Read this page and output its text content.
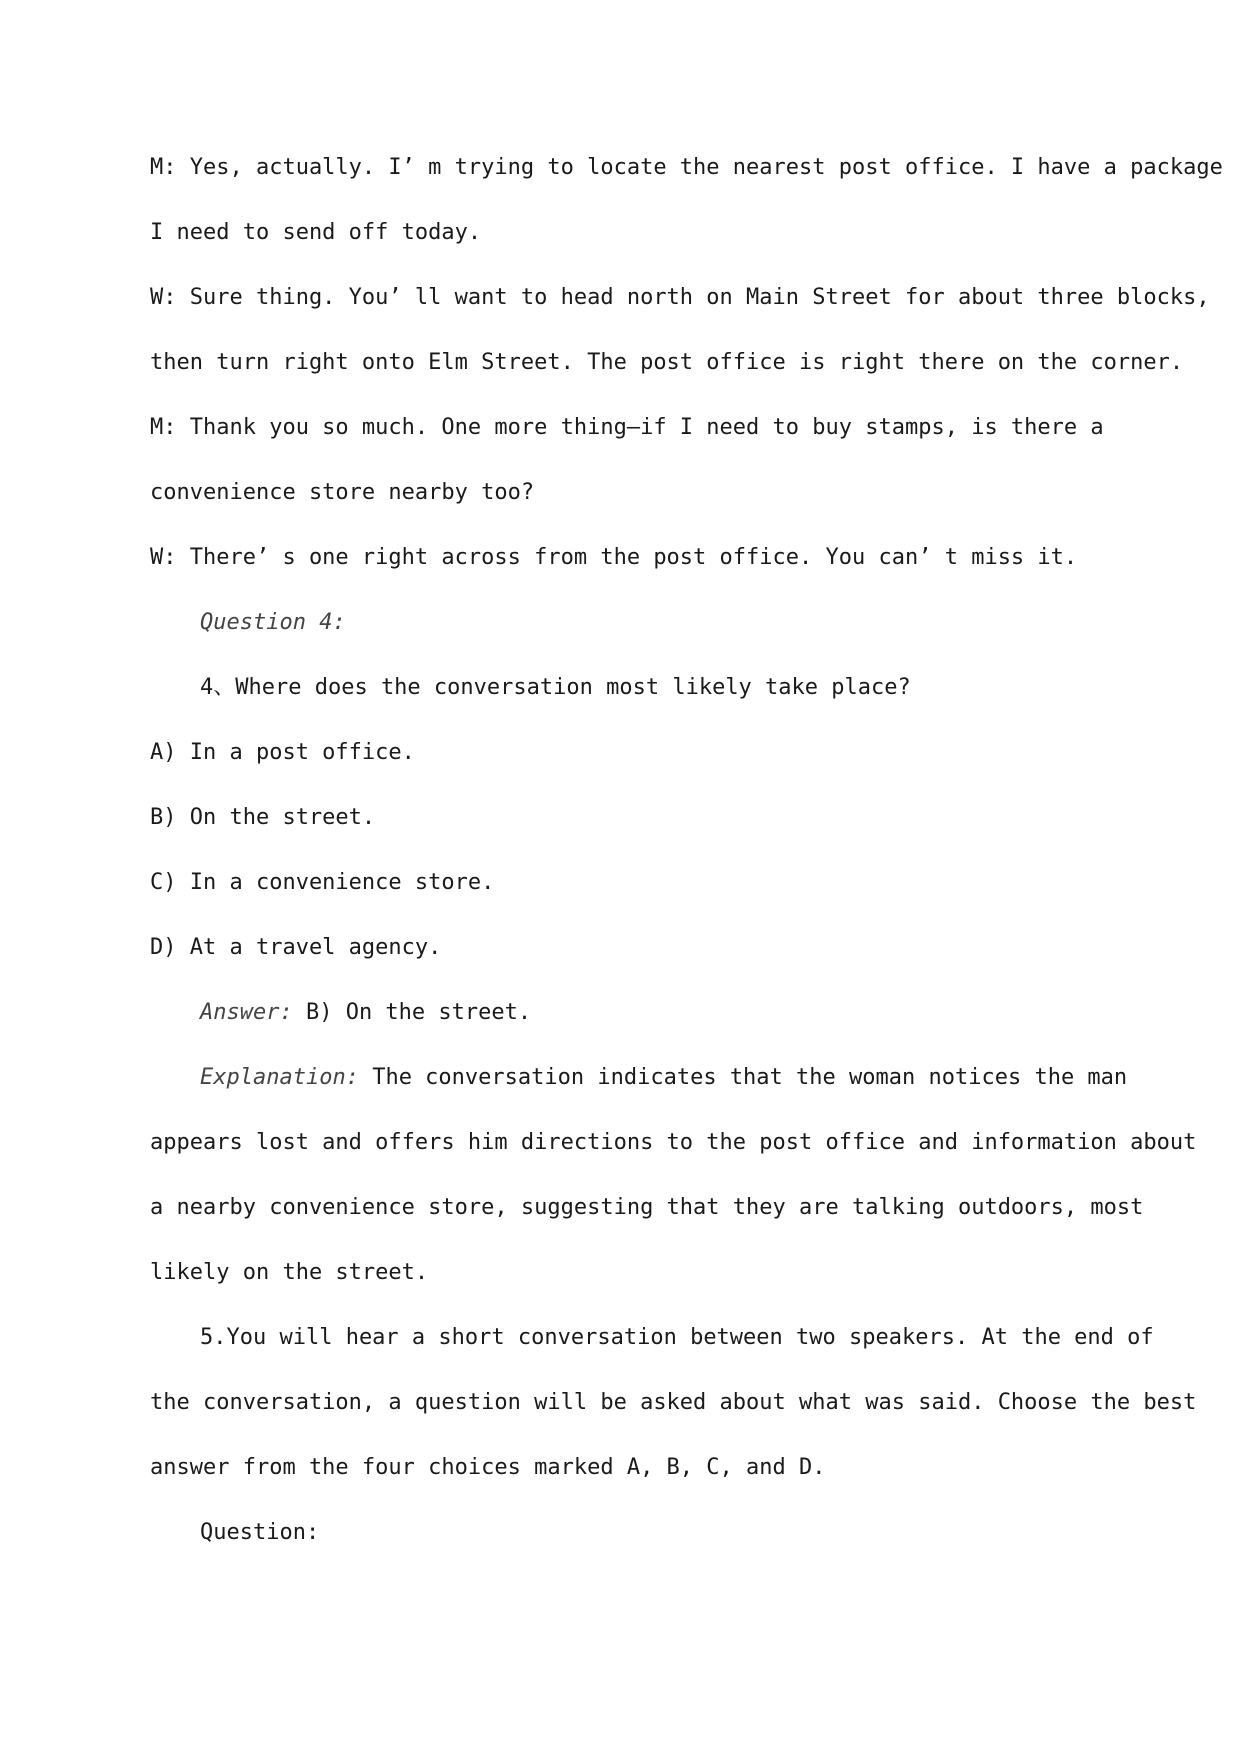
M: Yes, actually. I’ m trying to locate the nearest post office. I have a package

I need to send off today.

W: Sure thing. You’ ll want to head north on Main Street for about three blocks,

then turn right onto Elm Street. The post office is right there on the corner.

M: Thank you so much. One more thing—if I need to buy stamps, is there a

convenience store nearby too?

W: There’ s one right across from the post office. You can’ t miss it.

Question 4:

4、Where does the conversation most likely take place?

A) In a post office.

B) On the street.

C) In a convenience store.

D) At a travel agency.

Answer: B) On the street.

Explanation: The conversation indicates that the woman notices the man

appears lost and offers him directions to the post office and information about

a nearby convenience store, suggesting that they are talking outdoors, most

likely on the street.

5.You will hear a short conversation between two speakers. At the end of

the conversation, a question will be asked about what was said. Choose the best

answer from the four choices marked A, B, C, and D.

Question:
